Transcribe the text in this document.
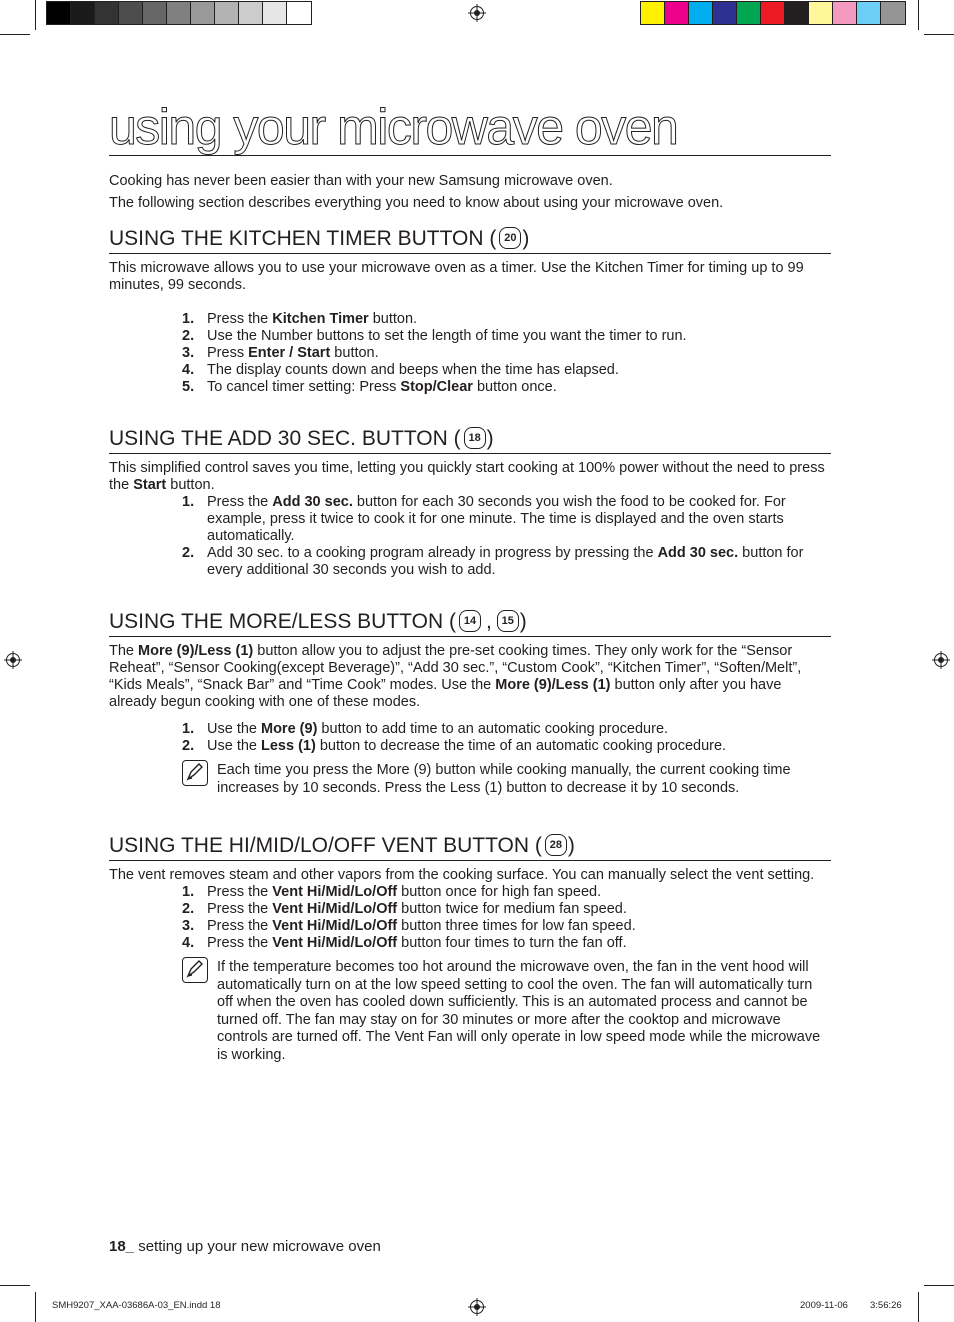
using your microwave oven
Cooking has never been easier than with your new Samsung microwave oven.
The following section describes everything you need to know about using your microwave oven.
USING THE KITCHEN TIMER BUTTON ( 20 )

This microwave allows you to use your microwave oven as a timer. Use the Kitchen Timer for timing up to 99 minutes, 99 seconds.

1. Press the Kitchen Timer button.
2. Use the Number buttons to set the length of time you want the timer to run.
3. Press Enter / Start button.
4. The display counts down and beeps when the time has elapsed.
5. To cancel timer setting: Press Stop/Clear button once.
USING THE ADD 30 SEC. BUTTON ( 18 )

This simplified control saves you time, letting you quickly start cooking at 100% power without the need to press the Start button.

1. Press the Add 30 sec. button for each 30 seconds you wish the food to be cooked for. For example, press it twice to cook it for one minute. The time is displayed and the oven starts automatically.
2. Add 30 sec. to a cooking program already in progress by pressing the Add 30 sec. button for every additional 30 seconds you wish to add.
USING THE MORE/LESS BUTTON ( 14 , 15 )

The More (9)/Less (1) button allow you to adjust the pre-set cooking times. They only work for the “Sensor Reheat”, “Sensor Cooking(except Beverage)”, “Add 30 sec.”, “Custom Cook”, “Kitchen Timer”, “Soften/Melt”, “Kids Meals”, “Snack Bar” and “Time Cook” modes. Use the More (9)/Less (1) button only after you have already begun cooking with one of these modes.

1. Use the More (9) button to add time to an automatic cooking procedure.
2. Use the Less (1) button to decrease the time of an automatic cooking procedure.
Each time you press the More (9) button while cooking manually, the current cooking time increases by 10 seconds. Press the Less (1) button to decrease it by 10 seconds.
USING THE HI/MID/LO/OFF VENT BUTTON ( 28 )

The vent removes steam and other vapors from the cooking surface. You can manually select the vent setting.

1. Press the Vent Hi/Mid/Lo/Off button once for high fan speed.
2. Press the Vent Hi/Mid/Lo/Off button twice for medium fan speed.
3. Press the Vent Hi/Mid/Lo/Off button three times for low fan speed.
4. Press the Vent Hi/Mid/Lo/Off button four times to turn the fan off.
If the temperature becomes too hot around the microwave oven, the fan in the vent hood will automatically turn on at the low speed setting to cool the oven. The fan will automatically turn off when the oven has cooled down sufficiently. This is an automated process and cannot be turned off. The fan may stay on for 30 minutes or more after the cooktop and microwave controls are turned off. The Vent Fan will only operate in low speed mode while the microwave is working.
18_ setting up your new microwave oven
SMH9207_XAA-03686A-03_EN.indd 18	2009-11-06 3:56:26
